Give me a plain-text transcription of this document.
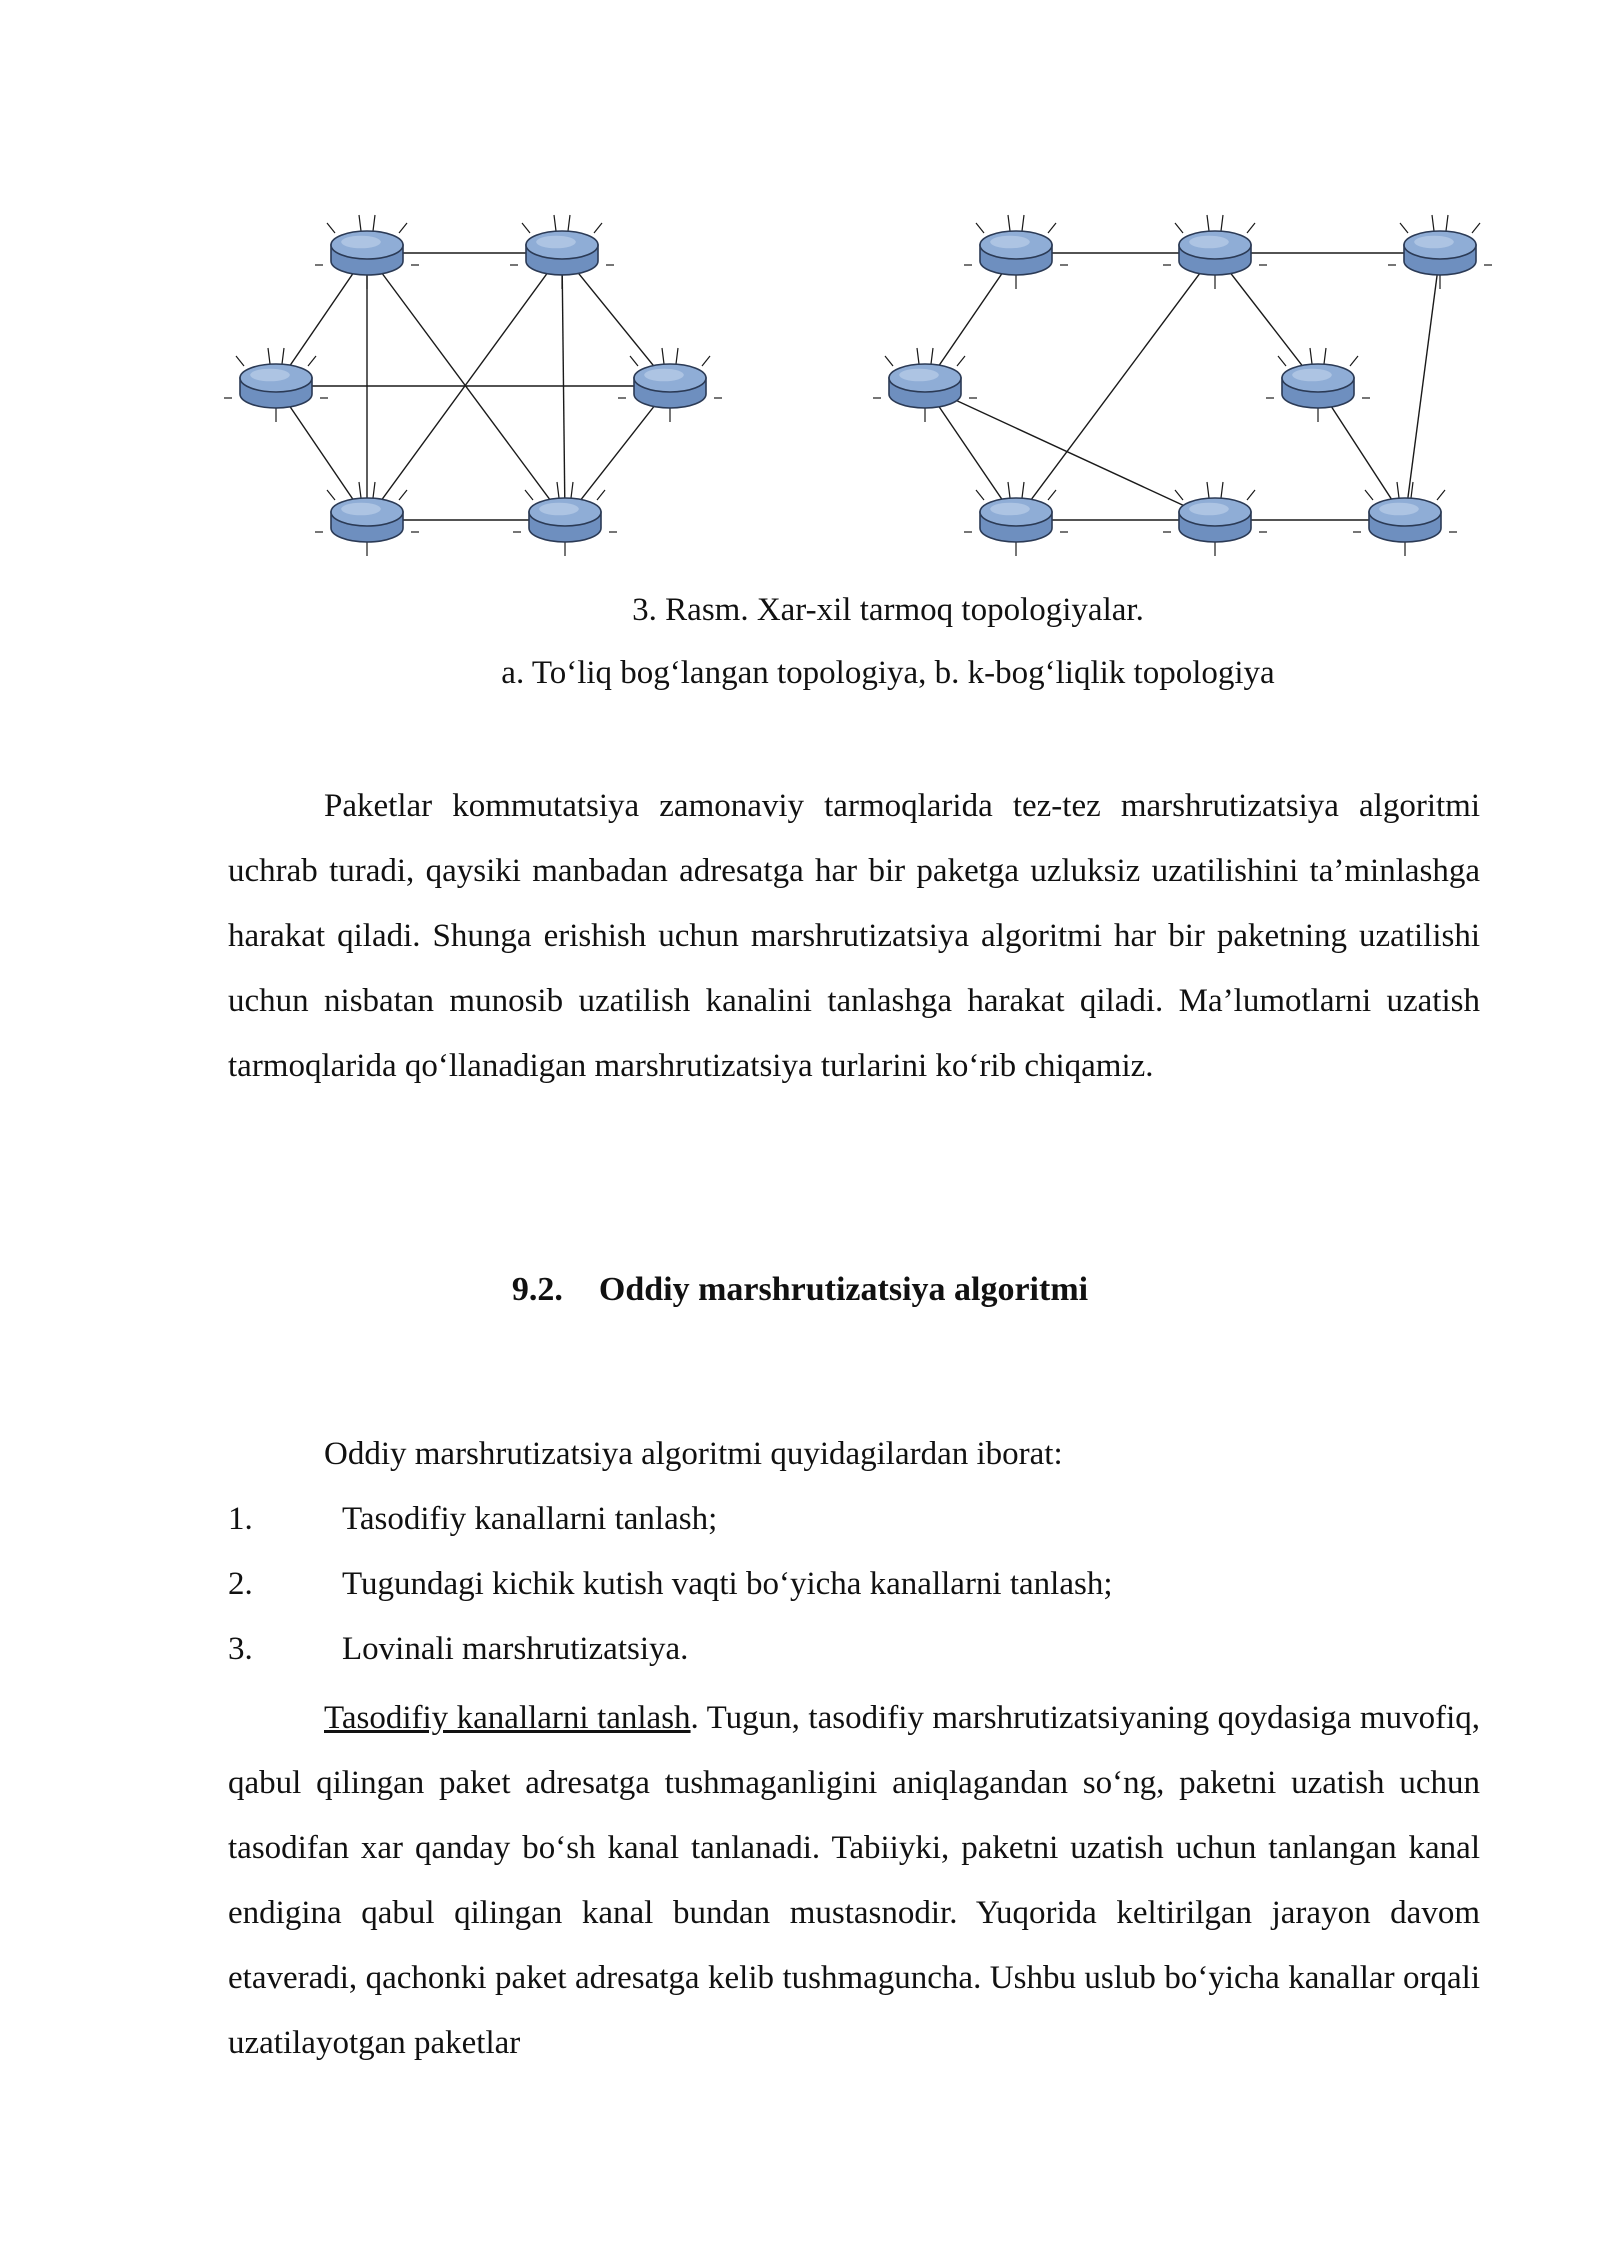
3. Rasm. Xar-xil tarmoq topologiyalar.
a. To‘liq bog‘langan topologiya, b. k-bog‘liqlik topologiya

Paketlar kommutatsiya zamonaviy tarmoqlarida tez-tez marshrutizatsiya algoritmi uchrab turadi, qaysiki manbadan adresatga har bir paketga uzluksiz uzatilishini ta’minlashga harakat qiladi. Shunga erishish uchun marshrutizatsiya algoritmi har bir paketning uzatilishi uchun nisbatan munosib uzatilish kanalini tanlashga harakat qiladi. Ma’lumotlarni uzatish tarmoqlarida qo‘llanadigan marshrutizatsiya turlarini ko‘rib chiqamiz.

9.2. Oddiy marshrutizatsiya algoritmi
Oddiy marshrutizatsiya algoritmi quyidagilardan iborat:
1.	Tasodifiy kanallarni tanlash;
2.	Tugundagi kichik kutish vaqti bo‘yicha kanallarni tanlash;
3.	Lovinali marshrutizatsiya.

Tasodifiy kanallarni tanlash. Tugun, tasodifiy marshrutizatsiyaning qoydasiga muvofiq, qabul qilingan paket adresatga tushmaganligini aniqlagandan so‘ng, paketni uzatish uchun tasodifan xar qanday bo‘sh kanal tanlanadi. Tabiiyki, paketni uzatish uchun tanlangan kanal endigina qabul qilingan kanal bundan mustasnodir. Yuqorida keltirilgan jarayon davom etaveradi, qachonki paket adresatga kelib tushmaguncha. Ushbu uslub bo‘yicha kanallar orqali uzatilayotgan paketlar
